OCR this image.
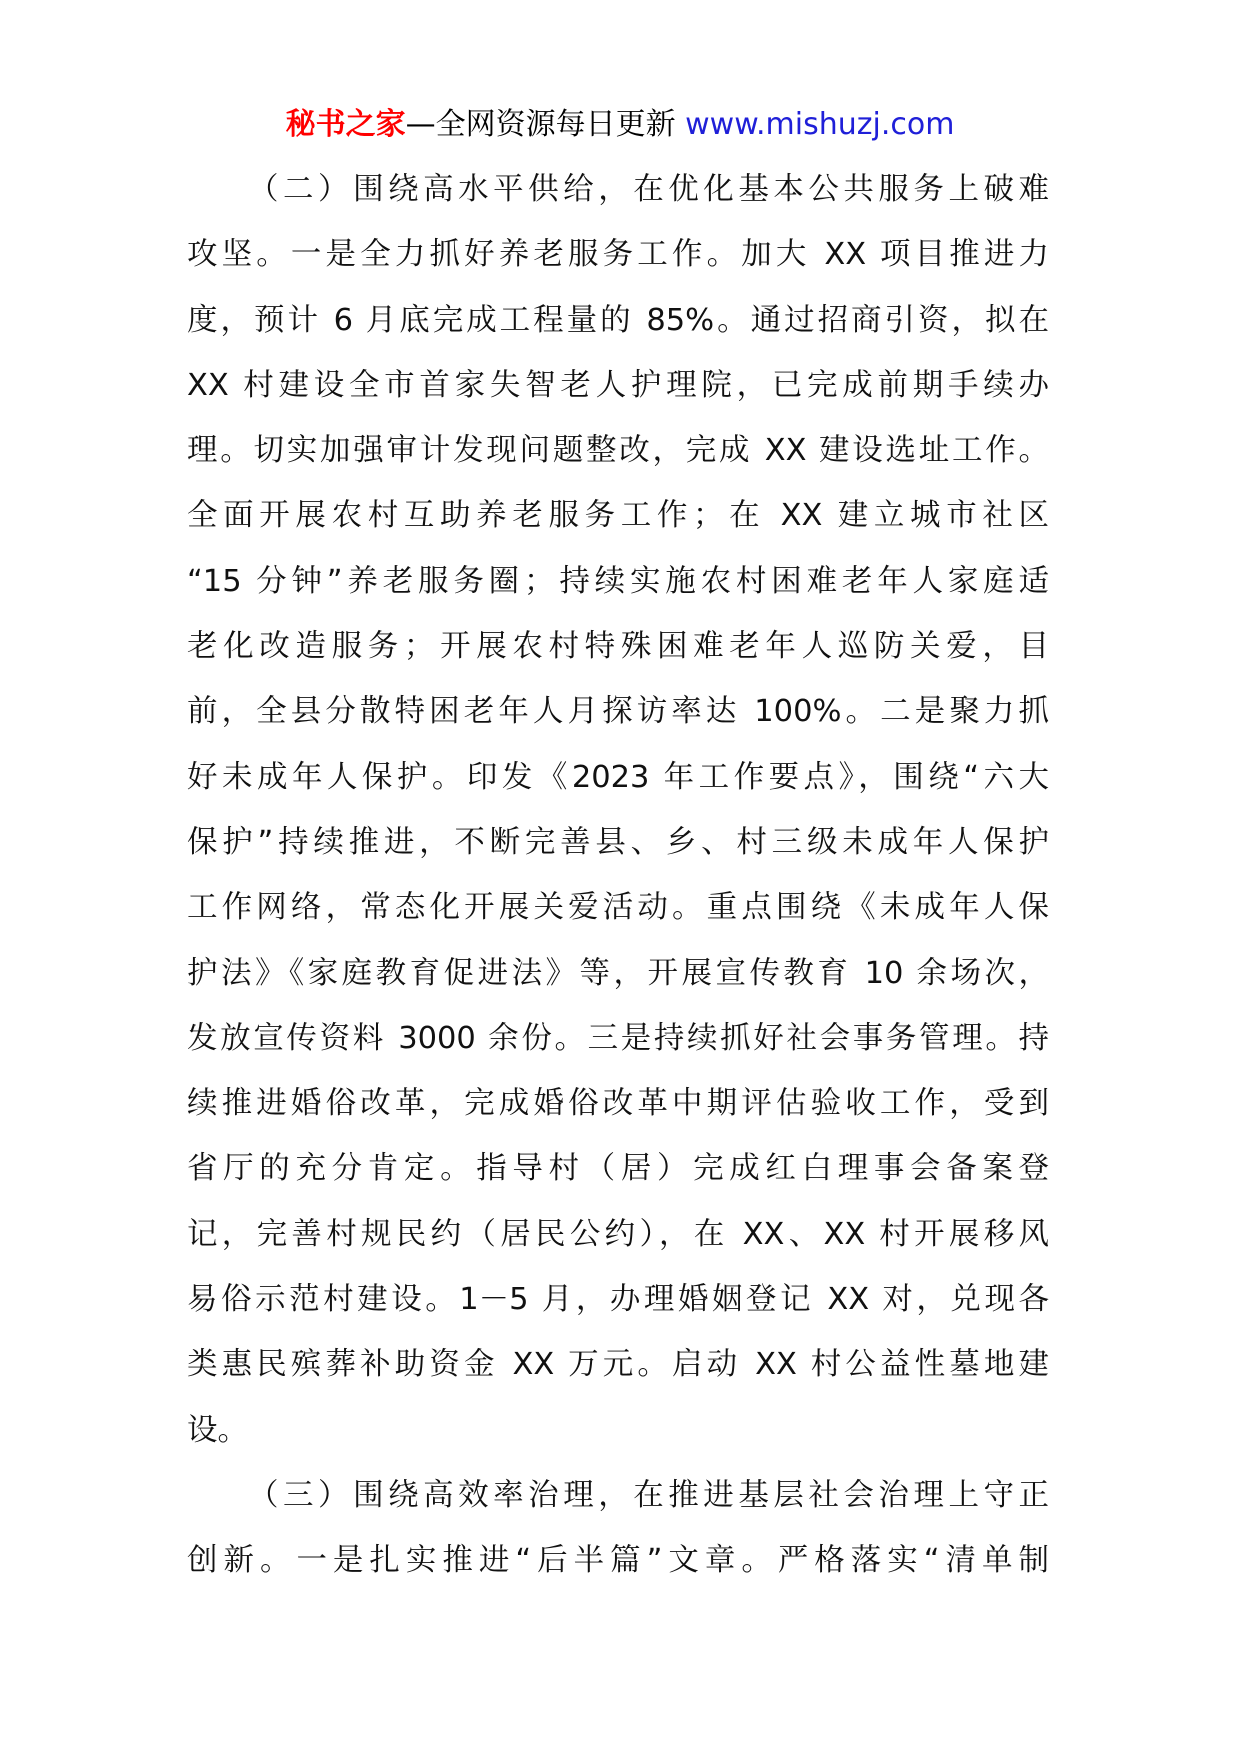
秘书之家—全网资源每日更新 www.mishuzj.com
（二）围绕高水平供给，在优化基本公共服务上破难
攻坚。一是全力抓好养老服务工作。加大 XX 项目推进力
度，预计 6 月底完成工程量的 85%。通过招商引资，拟在
XX 村建设全市首家失智老人护理院，已完成前期手续办
理。切实加强审计发现问题整改，完成 XX 建设选址工作。
全面开展农村互助养老服务工作；在 XX 建立城市社区
“15 分钟”养老服务圈；持续实施农村困难老年人家庭适
老化改造服务；开展农村特殊困难老年人巡防关爱，目
前，全县分散特困老年人月探访率达 100%。二是聚力抓
好未成年人保护。印发《2023 年工作要点》，围绕“六大
保护”持续推进，不断完善县、乡、村三级未成年人保护
工作网络，常态化开展关爱活动。重点围绕《未成年人保
护法》《家庭教育促进法》等，开展宣传教育 10 余场次，
发放宣传资料 3000 余份。三是持续抓好社会事务管理。持
续推进婚俗改革，完成婚俗改革中期评估验收工作，受到
省厅的充分肯定。指导村（居）完成红白理事会备案登
记，完善村规民约（居民公约），在 XX、XX 村开展移风
易俗示范村建设。1－5 月，办理婚姻登记 XX 对，兑现各
类惠民殡葬补助资金 XX 万元。启动 XX 村公益性墓地建
设。
（三）围绕高效率治理，在推进基层社会治理上守正
创新。一是扎实推进“后半篇”文章。严格落实“清单制
